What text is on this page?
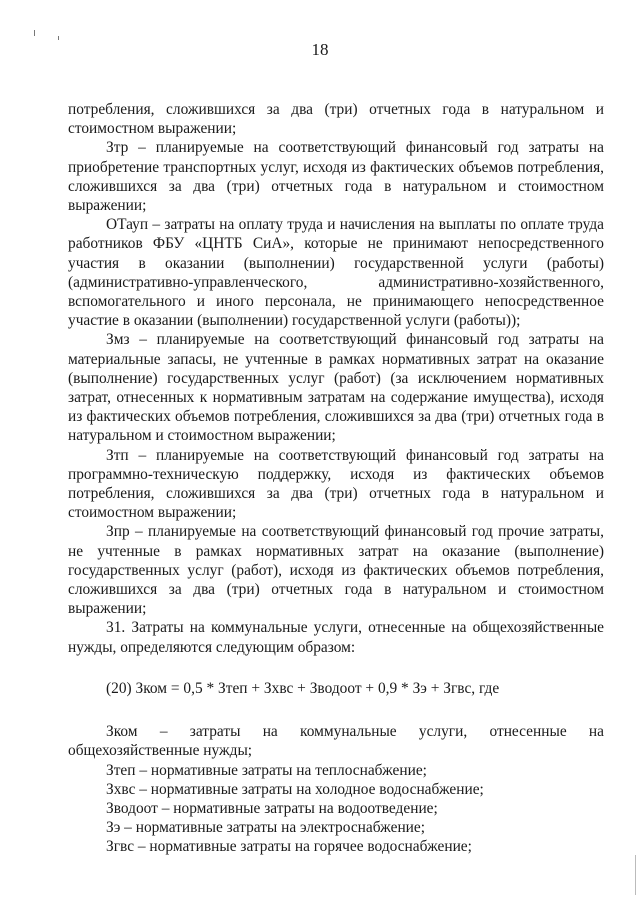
18

потребления, сложившихся за два (три) отчетных года в натуральном и стоимостном выражении;

Зтр – планируемые на соответствующий финансовый год затраты на приобретение транспортных услуг, исходя из фактических объемов потребления, сложившихся за два (три) отчетных года в натуральном и стоимостном выражении;

ОТауп – затраты на оплату труда и начисления на выплаты по оплате труда работников ФБУ «ЦНТБ СиА», которые не принимают непосредственного участия в оказании (выполнении) государственной услуги (работы) (административно-управленческого, административно-хозяйственного, вспомогательного и иного персонала, не принимающего непосредственное участие в оказании (выполнении) государственной услуги (работы));

Змз – планируемые на соответствующий финансовый год затраты на материальные запасы, не учтенные в рамках нормативных затрат на оказание (выполнение) государственных услуг (работ) (за исключением нормативных затрат, отнесенных к нормативным затратам на содержание имущества), исходя из фактических объемов потребления, сложившихся за два (три) отчетных года в натуральном и стоимостном выражении;

Зтп – планируемые на соответствующий финансовый год затраты на программно-техническую поддержку, исходя из фактических объемов потребления, сложившихся за два (три) отчетных года в натуральном и стоимостном выражении;

Зпр – планируемые на соответствующий финансовый год прочие затраты, не учтенные в рамках нормативных затрат на оказание (выполнение) государственных услуг (работ), исходя из фактических объемов потребления, сложившихся за два (три) отчетных года в натуральном и стоимостном выражении;

31. Затраты на коммунальные услуги, отнесенные на общехозяйственные нужды, определяются следующим образом:

(20) Зком = 0,5 * Зтеп + Зхвс + Зводоот + 0,9 * Зэ + Згвс, где

Зком – затраты на коммунальные услуги, отнесенные на общехозяйственные нужды;

Зтеп – нормативные затраты на теплоснабжение;

Зхвс – нормативные затраты на холодное водоснабжение;

Зводоот – нормативные затраты на водоотведение;

Зэ – нормативные затраты на электроснабжение;

Згвс – нормативные затраты на горячее водоснабжение;
